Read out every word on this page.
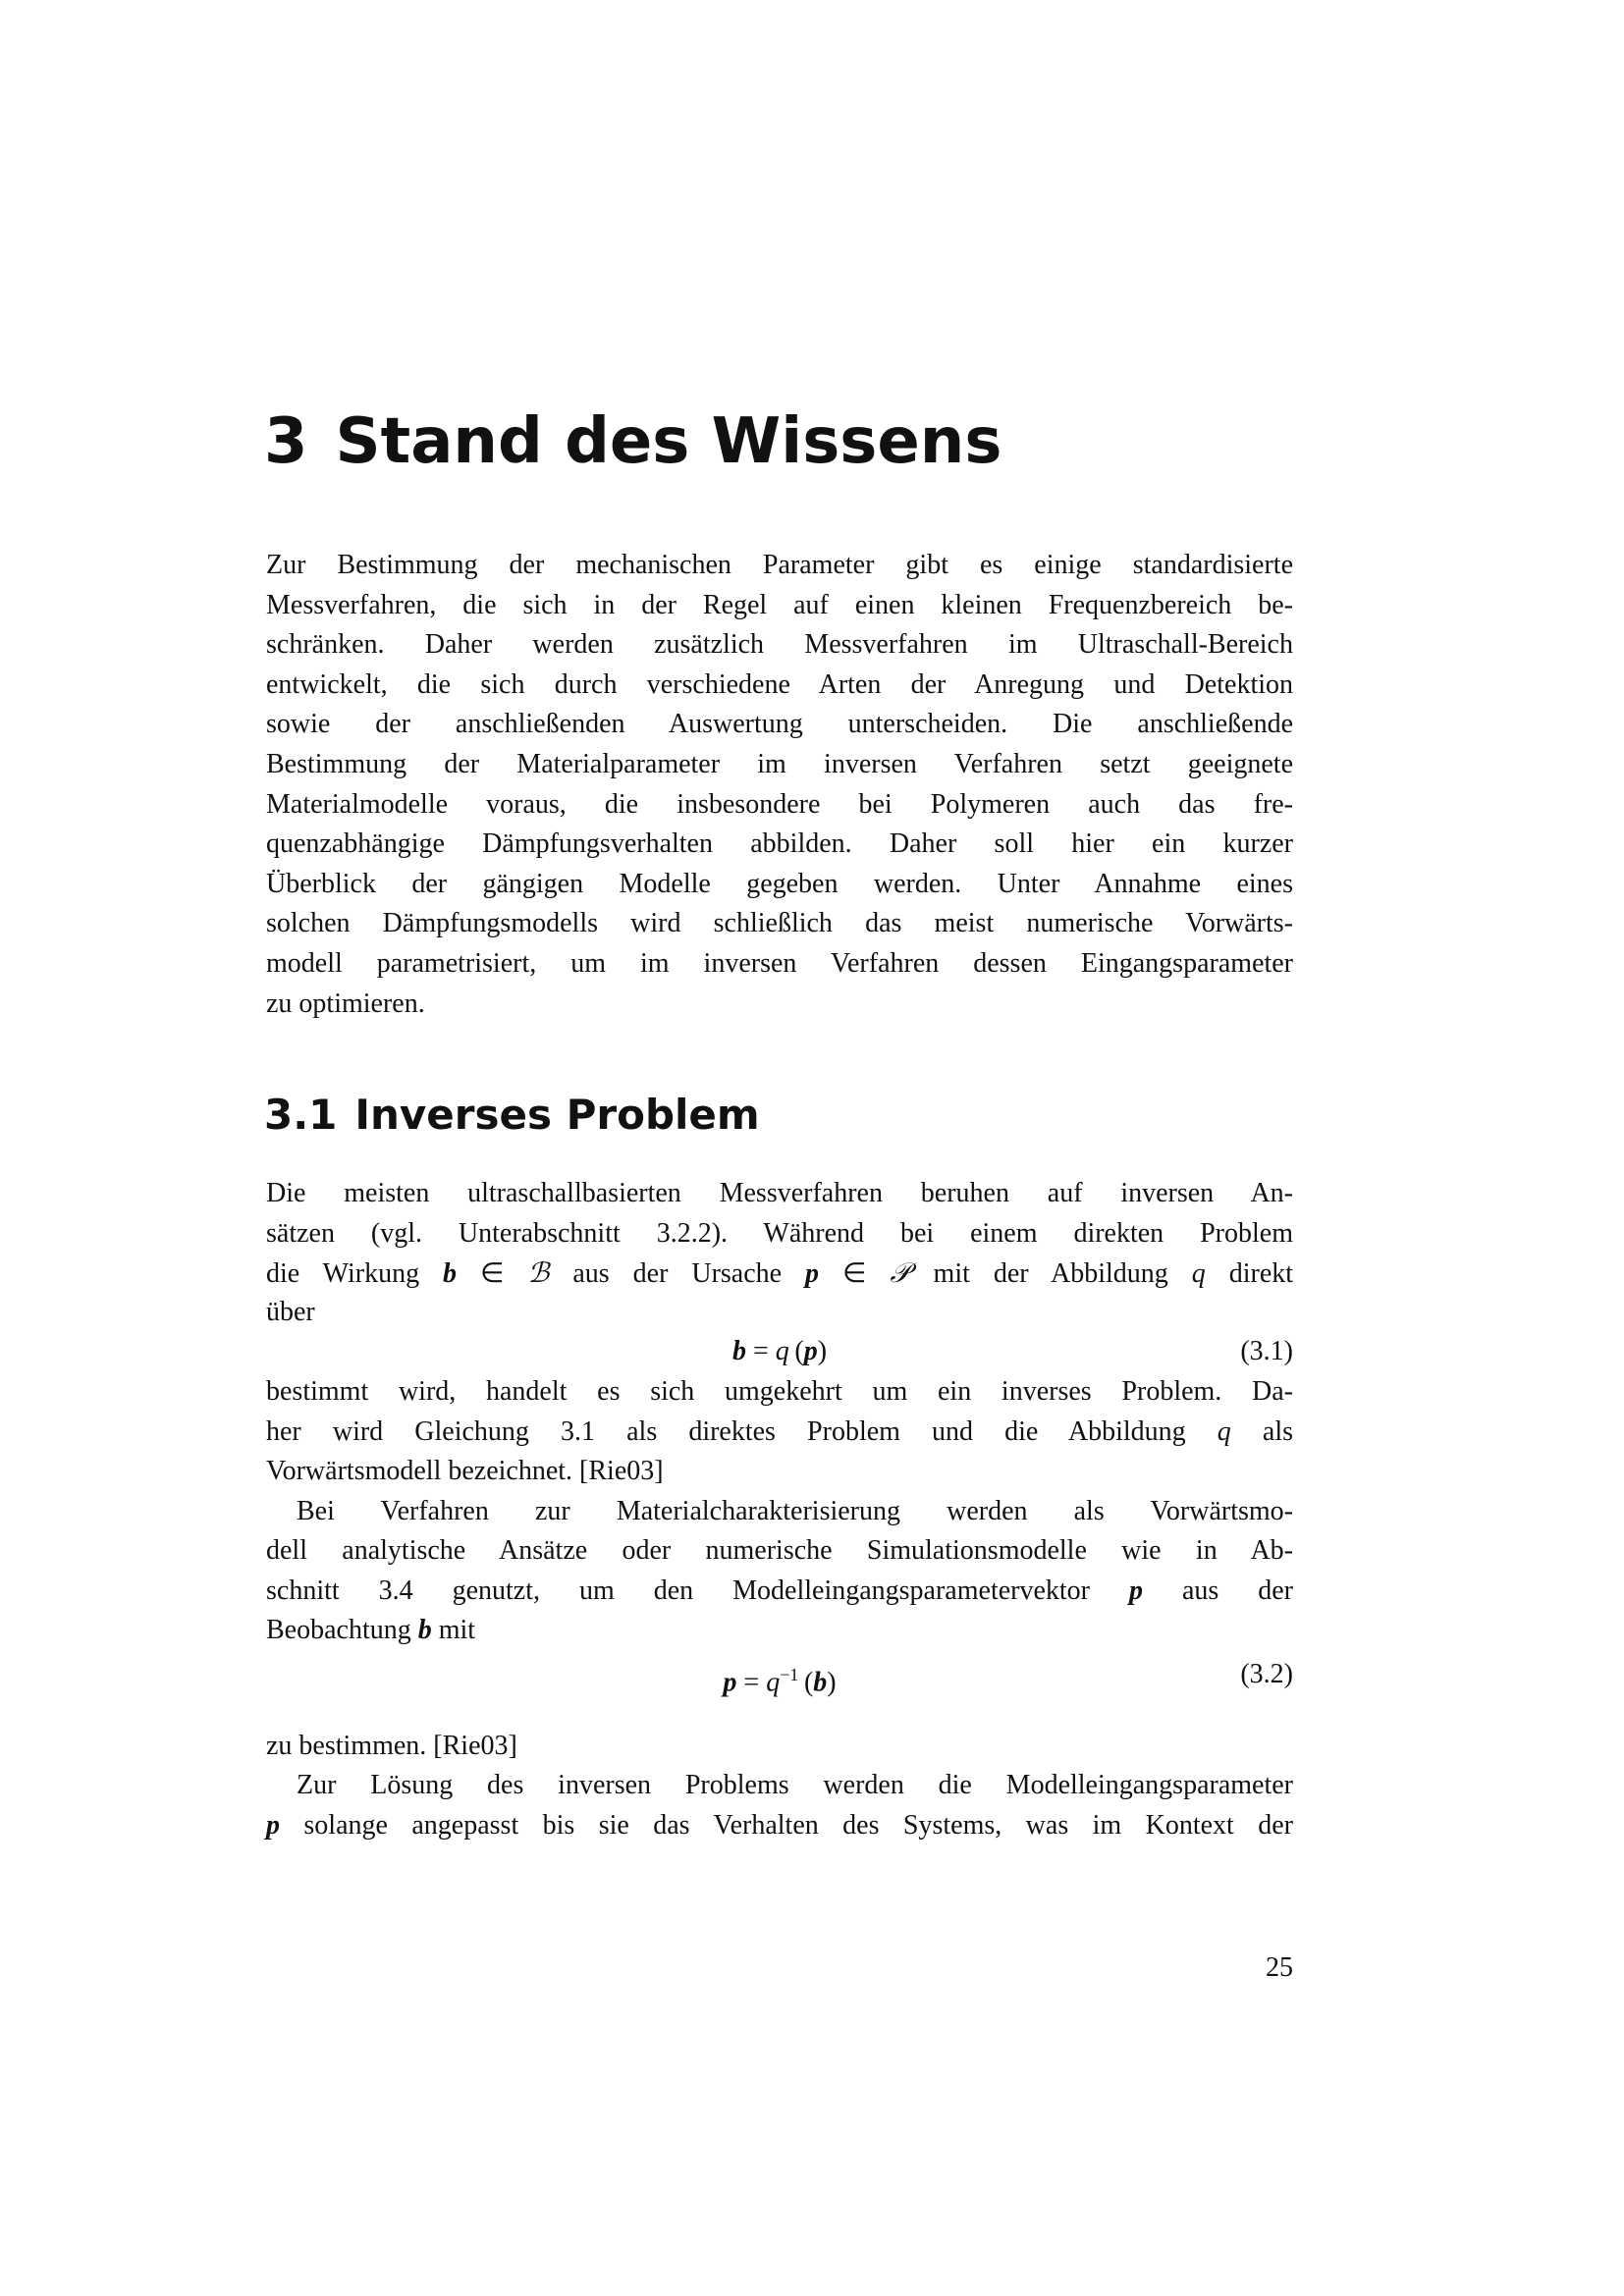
3 Stand des Wissens
3.1 Inverses Problem
Zur Bestimmung der mechanischen Parameter gibt es einige standardisierte
Messverfahren, die sich in der Regel auf einen kleinen Frequenzbereich be-
schränken. Daher werden zusätzlich Messverfahren im Ultraschall-Bereich
entwickelt, die sich durch verschiedene Arten der Anregung und Detektion
sowie der anschließenden Auswertung unterscheiden. Die anschließende
Bestimmung der Materialparameter im inversen Verfahren setzt geeignete
Materialmodelle voraus, die insbesondere bei Polymeren auch das fre-
quenzabhängige Dämpfungsverhalten abbilden. Daher soll hier ein kurzer
Überblick der gängigen Modelle gegeben werden. Unter Annahme eines
solchen Dämpfungsmodells wird schließlich das meist numerische Vorwärts-
modell parametrisiert, um im inversen Verfahren dessen Eingangsparameter
zu optimieren.
Die meisten ultraschallbasierten Messverfahren beruhen auf inversen An-
sätzen (vgl. Unterabschnitt 3.2.2). Während bei einem direkten Problem
die Wirkung b ∈ ℬ aus der Ursache p ∈ 𝒫 mit der Abbildung q direkt
über
bestimmt wird, handelt es sich umgekehrt um ein inverses Problem. Da-
her wird Gleichung 3.1 als direktes Problem und die Abbildung q als
Vorwärtsmodell bezeichnet. [Rie03]
Bei Verfahren zur Materialcharakterisierung werden als Vorwärtsmo-
dell analytische Ansätze oder numerische Simulationsmodelle wie in Ab-
schnitt 3.4 genutzt, um den Modelleingangsparametervektor p aus der
Beobachtung b mit
zu bestimmen. [Rie03]
Zur Lösung des inversen Problems werden die Modelleingangsparameter
p solange angepasst bis sie das Verhalten des Systems, was im Kontext der
b = q (p)	(3.1)
$p = q^{-1}$ (b)	(3.2)
25
